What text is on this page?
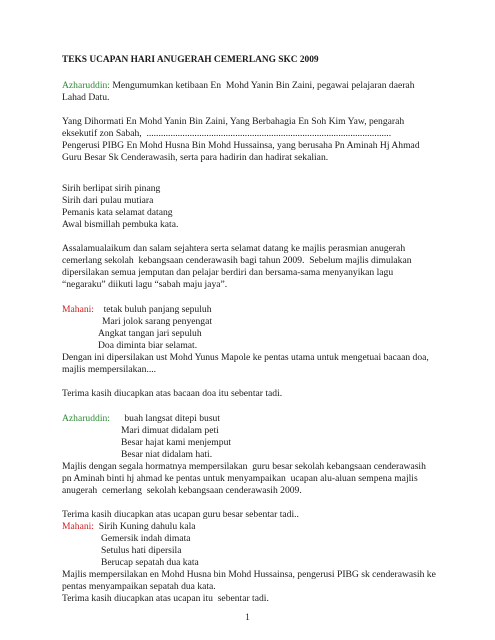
TEKS UCAPAN HARI ANUGERAH CEMERLANG SKC 2009

Azharuddin: Mengumumkan ketibaan En  Mohd Yanin Bin Zaini, pegawai pelajaran daerah

Lahad Datu.

Yang Dihormati En Mohd Yanin Bin Zaini, Yang Berbahagia En Soh Kim Yaw, pengarah

eksekutif zon Sabah,  ......................................................................................................

Pengerusi PIBG En Mohd Husna Bin Mohd Hussainsa, yang berusaha Pn Aminah Hj Ahmad

Guru Besar Sk Cenderawasih, serta para hadirin dan hadirat sekalian.

Sirih berlipat sirih pinang

Sirih dari pulau mutiara

Pemanis kata selamat datang

Awal bismillah pembuka kata.

Assalamualaikum dan salam sejahtera serta selamat datang ke majlis perasmian anugerah

cemerlang sekolah  kebangsaan cenderawasih bagi tahun 2009.  Sebelum majlis dimulakan

dipersilakan semua jemputan dan pelajar berdiri dan bersama-sama menyanyikan lagu

“negaraku” diikuti lagu “sabah maju jaya”.

Mahani:    tetak buluh panjang sepuluh

Mari jolok sarang penyengat

Angkat tangan jari sepuluh

Doa diminta biar selamat.

Dengan ini dipersilakan ust Mohd Yunus Mapole ke pentas utama untuk mengetuai bacaan doa,

majlis mempersilakan....

Terima kasih diucapkan atas bacaan doa itu sebentar tadi.

Azharuddin:      buah langsat ditepi busut

Mari dimuat didalam peti

Besar hajat kami menjemput

Besar niat didalam hati.

Majlis dengan segala hormatnya mempersilakan  guru besar sekolah kebangsaan cenderawasih

pn Aminah binti hj ahmad ke pentas untuk menyampaikan  ucapan alu-aluan sempena majlis

anugerah  cemerlang  sekolah kebangsaan cenderawasih 2009.

Terima kasih diucapkan atas ucapan guru besar sebentar tadi..

Mahani:  Sirih Kuning dahulu kala

Gemersik indah dimata

Setulus hati dipersila

Berucap sepatah dua kata

Majlis mempersilakan en Mohd Husna bin Mohd Hussainsa, pengerusi PIBG sk cenderawasih ke

pentas menyampaikan sepatah dua kata.

Terima kasih diucapkan atas ucapan itu  sebentar tadi.

1
